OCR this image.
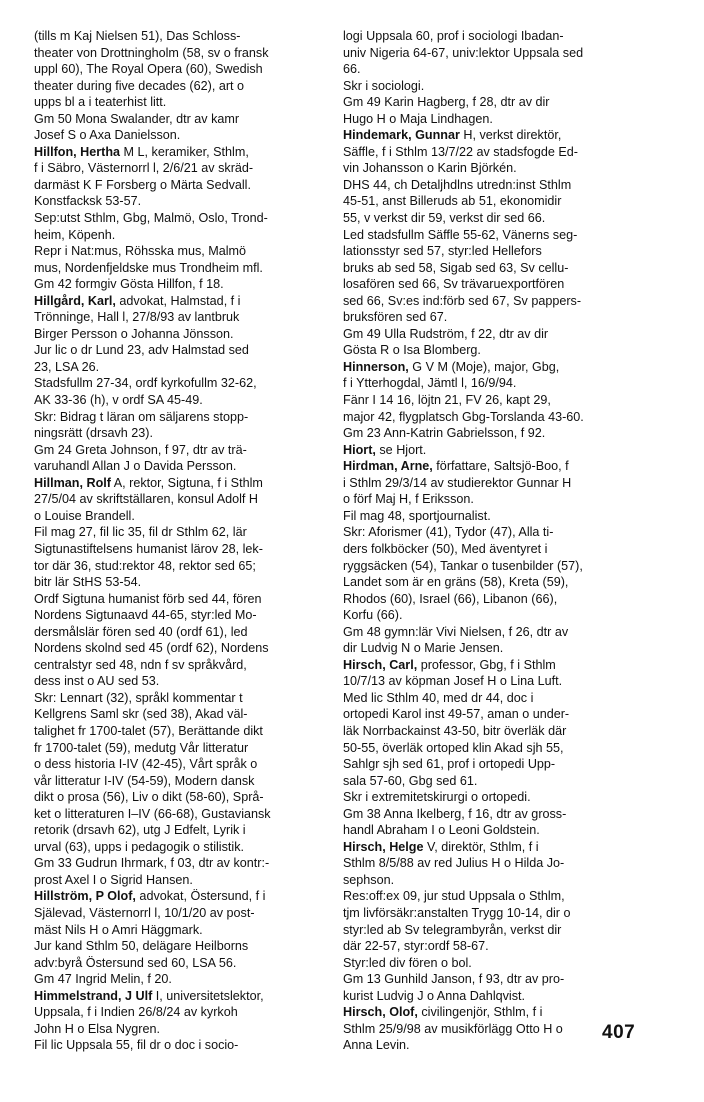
(tills m Kaj Nielsen 51), Das Schloss-
theater von Drottningholm (58, sv o fransk
uppl 60), The Royal Opera (60), Swedish
theater during five decades (62), art o
upps bl a i teaterhist litt.
Gm 50 Mona Swalander, dtr av kamr
Josef S o Axa Danielsson.
Hillfon, Hertha M L, keramiker, Sthlm,
f i Säbro, Västernorrl l, 2/6/21 av skräd-
darmäst K F Forsberg o Märta Sedvall.
Konstfacksk 53-57.
Sep:utst Sthlm, Gbg, Malmö, Oslo, Trond-
heim, Köpenh.
Repr i Nat:mus, Röhsska mus, Malmö
mus, Nordenfjeldske mus Trondheim mfl.
Gm 42 formgiv Gösta Hillfon, f 18.
Hillgård, Karl, advokat, Halmstad, f i
Trönninge, Hall l, 27/8/93 av lantbruk
Birger Persson o Johanna Jönsson.
Jur lic o dr Lund 23, adv Halmstad sed
23, LSA 26.
Stadsfullm 27-34, ordf kyrkofullm 32-62,
AK 33-36 (h), v ordf SA 45-49.
Skr: Bidrag t läran om säljarens stopp-
ningsrätt (drsavh 23).
Gm 24 Greta Johnson, f 97, dtr av trä-
varuhandl Allan J o Davida Persson.
Hillman, Rolf A, rektor, Sigtuna, f i Sthlm
27/5/04 av skriftställaren, konsul Adolf H
o Louise Brandell.
Fil mag 27, fil lic 35, fil dr Sthlm 62, lär
Sigtunastiftelsens humanist lärov 28, lek-
tor där 36, stud:rektor 48, rektor sed 65;
bitr lär StHS 53-54.
Ordf Sigtuna humanist förb sed 44, fören
Nordens Sigtunaavd 44-65, styr:led Mo-
dersmålslär fören sed 40 (ordf 61), led
Nordens skolnd sed 45 (ordf 62), Nordens
centralstyr sed 48, ndn f sv språkvård,
dess inst o AU sed 53.
Skr: Lennart (32), språkl kommentar t
Kellgrens Saml skr (sed 38), Akad väl-
talighet fr 1700-talet (57), Berättande dikt
fr 1700-talet (59), medutg Vår litteratur
o dess historia I-IV (42-45), Vårt språk o
vår litteratur I-IV (54-59), Modern dansk
dikt o prosa (56), Liv o dikt (58-60), Språ-
ket o litteraturen I–IV (66-68), Gustaviansk
retorik (drsavh 62), utg J Edfelt, Lyrik i
urval (63), upps i pedagogik o stilistik.
Gm 33 Gudrun Ihrmark, f 03, dtr av kontr:-
prost Axel I o Sigrid Hansen.
Hillström, P Olof, advokat, Östersund, f i
Själevad, Västernorrl l, 10/1/20 av post-
mäst Nils H o Amri Häggmark.
Jur kand Sthlm 50, delägare Heilborns
adv:byrå Östersund sed 60, LSA 56.
Gm 47 Ingrid Melin, f 20.
Himmelstrand, J Ulf I, universitetslektor,
Uppsala, f i Indien 26/8/24 av kyrkoh
John H o Elsa Nygren.
Fil lic Uppsala 55, fil dr o doc i socio-
logi Uppsala 60, prof i sociologi Ibadan-
univ Nigeria 64-67, univ:lektor Uppsala sed
66.
Skr i sociologi.
Gm 49 Karin Hagberg, f 28, dtr av dir
Hugo H o Maja Lindhagen.
Hindemark, Gunnar H, verkst direktör,
Säffle, f i Sthlm 13/7/22 av stadsfogde Ed-
vin Johansson o Karin Björkén.
DHS 44, ch Detaljhdlns utredn:inst Sthlm
45-51, anst Billeruds ab 51, ekonomidir
55, v verkst dir 59, verkst dir sed 66.
Led stadsfullm Säffle 55-62, Vänerns seg-
lationsstyr sed 57, styr:led Hellefors
bruks ab sed 58, Sigab sed 63, Sv cellu-
losafören sed 66, Sv trävaruexportfören
sed 66, Sv:es ind:förb sed 67, Sv pappers-
bruksfören sed 67.
Gm 49 Ulla Rudström, f 22, dtr av dir
Gösta R o Isa Blomberg.
Hinnerson, G V M (Moje), major, Gbg,
f i Ytterhogdal, Jämtl l, 16/9/94.
Fänr I 14 16, löjtn 21, FV 26, kapt 29,
major 42, flygplatsch Gbg-Torslanda 43-60.
Gm 23 Ann-Katrin Gabrielsson, f 92.
Hiort, se Hjort.
Hirdman, Arne, författare, Saltsjö-Boo, f
i Sthlm 29/3/14 av studierektor Gunnar H
o förf Maj H, f Eriksson.
Fil mag 48, sportjournalist.
Skr: Aforismer (41), Tydor (47), Alla ti-
ders folkböcker (50), Med äventyret i
ryggsäcken (54), Tankar o tusenbilder (57),
Landet som är en gräns (58), Kreta (59),
Rhodos (60), Israel (66), Libanon (66),
Korfu (66).
Gm 48 gymn:lär Vivi Nielsen, f 26, dtr av
dir Ludvig N o Marie Jensen.
Hirsch, Carl, professor, Gbg, f i Sthlm
10/7/13 av köpman Josef H o Lina Luft.
Med lic Sthlm 40, med dr 44, doc i
ortopedi Karol inst 49-57, aman o under-
läk Norrbackainst 43-50, bitr överläk där
50-55, överläk ortoped klin Akad sjh 55,
Sahlgr sjh sed 61, prof i ortopedi Upp-
sala 57-60, Gbg sed 61.
Skr i extremitetskirurgi o ortopedi.
Gm 38 Anna Ikelberg, f 16, dtr av gross-
handl Abraham I o Leoni Goldstein.
Hirsch, Helge V, direktör, Sthlm, f i
Sthlm 8/5/88 av red Julius H o Hilda Jo-
sephson.
Res:off:ex 09, jur stud Uppsala o Sthlm,
tjm livförsäkr:anstalten Trygg 10-14, dir o
styr:led ab Sv telegrambyrån, verkst dir
där 22-57, styr:ordf 58-67.
Styr:led div fören o bol.
Gm 13 Gunhild Janson, f 93, dtr av pro-
kurist Ludvig J o Anna Dahlqvist.
Hirsch, Olof, civilingenjör, Sthlm, f i
Sthlm 25/9/98 av musikförlägg Otto H o
Anna Levin.
407
